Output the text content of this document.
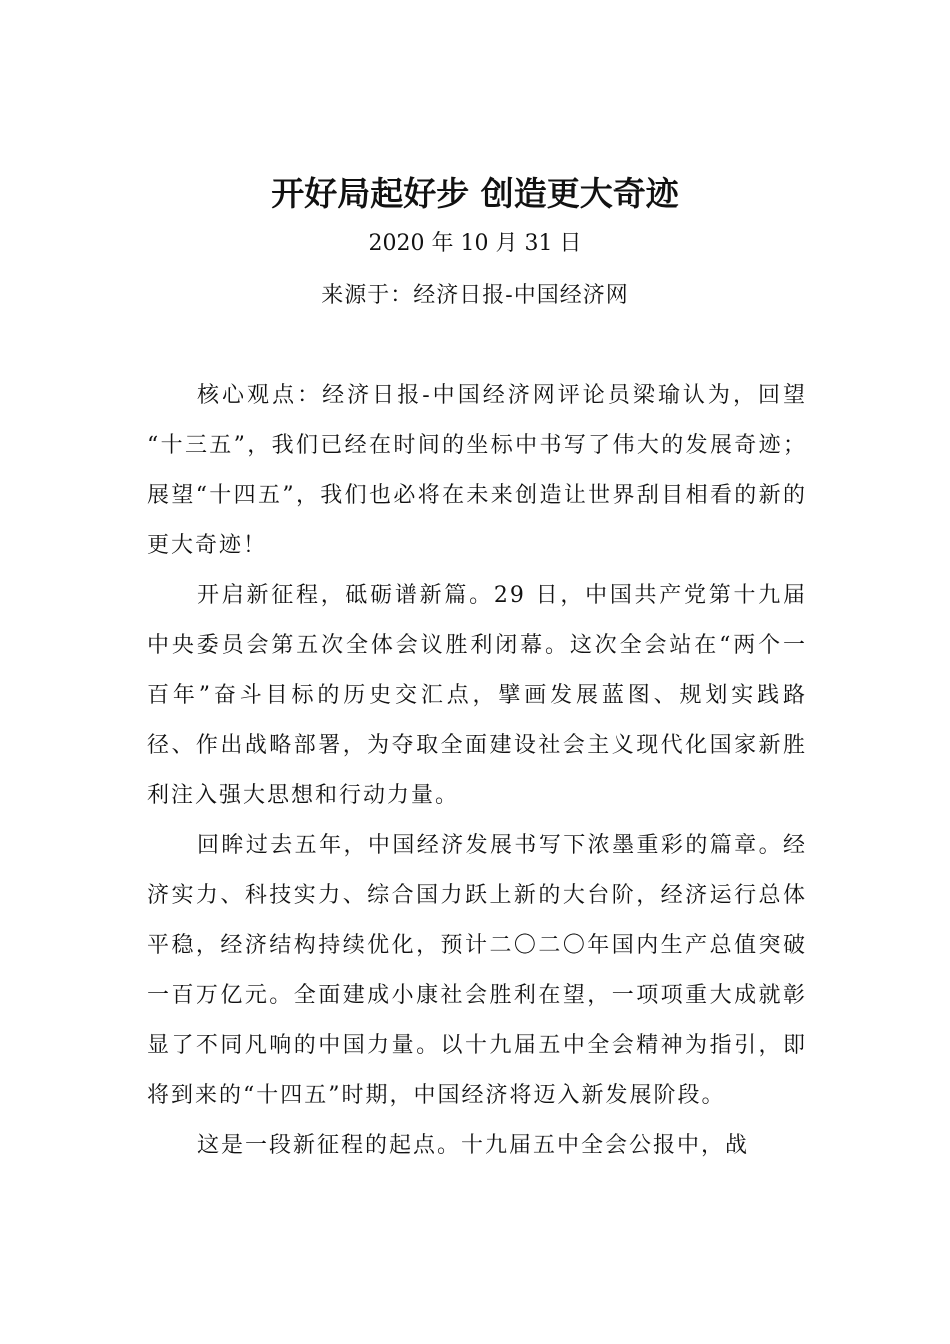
开好局起好步 创造更大奇迹
2020 年 10 月 31 日
来源于：经济日报-中国经济网

核心观点：经济日报-中国经济网评论员梁瑜认为，回望 “十三五”，我们已经在时间的坐标中书写了伟大的发展奇迹；展望“十四五”，我们也必将在未来创造让世界刮目相看的新的更大奇迹！

开启新征程，砥砺谱新篇。29 日，中国共产党第十九届中央委员会第五次全体会议胜利闭幕。这次全会站在“两个一百年”奋斗目标的历史交汇点，擘画发展蓝图、规划实践路径、作出战略部署，为夺取全面建设社会主义现代化国家新胜利注入强大思想和行动力量。

回眸过去五年，中国经济发展书写下浓墨重彩的篇章。经济实力、科技实力、综合国力跃上新的大台阶，经济运行总体平稳，经济结构持续优化，预计二〇二〇年国内生产总值突破一百万亿元。全面建成小康社会胜利在望，一项项重大成就彰显了不同凡响的中国力量。以十九届五中全会精神为指引，即将到来的“十四五”时期，中国经济将迈入新发展阶段。

这是一段新征程的起点。十九届五中全会公报中，战
